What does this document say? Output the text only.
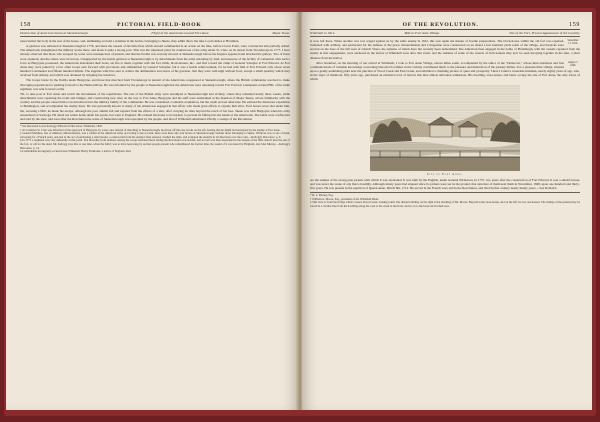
158	PICTORIAL FIELD-BOOK

Destruction of American Stores at Skenesborough.	Flight of the Americans toward Fort Anne.	Major Stone.

tones buried the body in the rear of the house, and, unthinking on bend a sideman in the barber, belonging to Skene, they admit threw the lake to join Allies at Harriman.

A garrison was stationed at Skenesborough in 1776, and there the vessels of the little fleet which Arnold commanded in an action on the lake, before Crown Point, were constructed and partially armed. The Americans strengthened the military works there, and made it quite a strong post. This was the stipulated point for rendezvous of the army under St. Clair, on its retreat from Ticonderoga in 1777. I have already observed that those who escaped by water were unsuspicious of pursuit, and that the flotilla was scarcely moored at Skenesborough before the frigates appeared and attacked the galleys. Two of these were captured, and the others were blown up. Unsupported by the feeble garrison at Skenesborough or by detachments from the army retreating by land, and unaware of the facility of contention with such a force as Burgoyne possessed, the Americans abandoned their boats, set fire to them, together with the fort, mills, block-houses, &c., and fled toward the camp of General Schuyler at Fort Edward. At Fort Anne they were joined by a few other troops sent forward with provisions and ammunition by General Schuyler, but it was a feeble reinforcement, for he had with him at Fort Edward only about seven hundred Continental and fifteen hundred militia. The supplies which he sent to relieve the ammunition and stores of his garrison, that they were well-nigh without food, except a small quantity which they received from Albany, and which was obtained by stripping the windows.

The troops borne by the flotilla under Burgoyne, and those that marched from Ticonderoga in pursuit of the Americans, reappeared at Skenesborough, where the British commander resolved to make thorough preparations for pushing forward to the Hudson River. He was informed by the people at Skenesborough that the Americans were retreating toward Fort Edward. Lieutenant-colonel Hill, of the ninth regiment, was sent forward on the

7th, to take post at Fort Anne and watch the movements of the republicans. The rest of the British army were encamped at Skenesborough and vicinity, where they remained nearly three weeks, while detachments were repairing the roads and bridges, and constructing new ones on the way to Fort Anne. Burgoyne and his staff were entertained at the mansion of Major Skene, whose familiarity with the country and the people caused him to be introduced into the military family of the commander. He was considered a valuable acquisition, but the result proved otherwise. He advised the disastrous expedition to Bennington, and accompanied the enemy there. He was personally known to many of the Americans engaged in that affair, who made great efforts to capture him alive. Four horses were shot under him, but, securing a fifth, he made his escape, although the poor animal fell and expired from the effects of a shot, after carrying its rider beyond the reach of his foes. Skene was with Burgoyne when his army surrendered at Saratoga. He dared not return home under his parole, but went to England. He ordered his house to be burned, to prevent its falling into the hands of the Americans. The lands were confiscated and sold by the state, and soon after the Revolution the scene of Skenesborough was repeopled by the people, and that of Whitehall substituted. Hardly a vestige of the Revolution

* See Reverend Lewis Kellogg's Historical Discourse, Whitehall, 1847.

† At Castleton St. Clair was informed of the approach of Burgoyne by water, and, instead of marching to Skenesborough, he struck off into the woods on the left, fearing that he might be intercepted by the enemy at Fort Anne.

‡ General Matthew, late of Amherst, Massachusetts, was a soldier in the American army. According to his account, there were then only four horses at Skenesborough, besides those belonging to Skene. While he was at one of them, surveying for a French party, and just in the act of purchasing a rebel mount, a cannon-ball from the enemy's fleet entered, crushed the table, and scattered the utensils in all directions over the room.—Kellogg's Discourse, p. 9.

§ In 1771 a regiment was very unhealthy at this point. The mortality from sickness among the troops stationed there during the Revolution was fearful; and no bell was then suspended in the steeple of the little church near the site of the fort, to toll for the dead. Mr. Kellogg says that at one time, when the belfry was to have been rung by ancient people present who remembered the former time, the sound of it was heard by Brigham, and John Murray.—Kellogg's Discourse, p. 14.

‖ A remarkable incongruity occurred near Whitehall. Henry Pensioner, a native of England, died

OF THE REVOLUTION.	159
Whitehall in 1814.	Ride to Fort Anne Village.	Site of the Fort. Present Appearance of the Locality.
September 11, 1814.

is now left there. When another war was waged against us by the same enemy in 1812, this was again the theater of hostile preparations. The block-house within the old fort was repaired, furnished with artillery, and garrisoned for the defense of the place. Intrenchments and a magazine were constructed on an island a few hundred yards north of the village, and barracks were erected on the base of the hill west of Church Street, the remains of which have but recently been demolished. The American fleet engaged in the battle of Plattsburgh, with the vessels captured from the enemy in that engagement, were anchored in the harbor at Whitehall soon after that event; and the remains of some of the vessels of both nations may now be seen decaying together in the lake, a short distance from the harbor.

August 7, 1848.

After breakfast, on the morning of our arrival at Whitehall, I rode to Fort Anne Village, eleven miles south, accompanied by the editor of the "Democrat," whose kind attentions and free communications of valuable knowledge concerning historical localities in the vicinity contributed much to the pleasure and instruction of the journey thither. It is a pleasant little village, situated upon a gently undulating plain near the junction of Wood Creek and East Creek, and exhibited a charming picture of quiet and prosperity. There I found a venerable kinsman, nearly eighty years of age, who, in the vigor of manhood, fifty years ago, purchased an extensive tract of land in this then almost unbroken wilderness. His dwelling, store-house, and barns occupy the site of Fort Anne, the only traces of which

Site of Fort Anne.

are the stumps of the strong pine pickets with which it was stockaded. It was built by the English, under General Nicholson, in 1757, two years after the construction of Fort Edward. It was a small fortress, and was never the scene of any fierce hostility. Although ninety years had elapsed since its pickets were set in the ground, that structure of them next them in November, 1848, upon one hundred and thirty-five years. He was present in the rejection of Queen Anne, March 8th, 1712. He served in the French wars and in the Revolution, and lived in this country nearly ninety years.—See Roman's.

* D. L. Barney, Esq.

† William A. Moore, Esq., president of the Whitehall Bank.

‡ This view is from the bridge which crosses Wood Creek, looking south. The distant building on the right is the dwelling of Mr. Moore. Beyond is the store-house, and on the left are two out-houses. The stumps of the pickets may be traced in a circular line from his dwelling along the road to the creek in the front, and so on to the barns and in their rear.
